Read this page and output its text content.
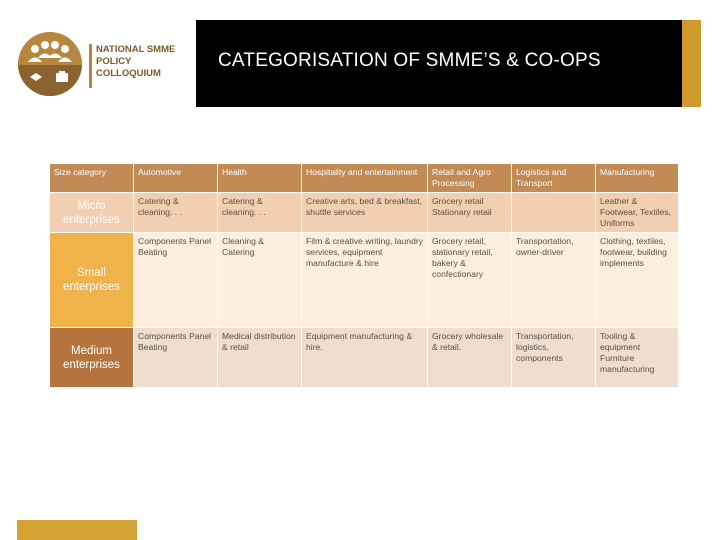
NATIONAL SMME
POLICY
COLLOQUIUM
CATEGORISATION OF SMME’S & CO-OPS
Size category	Automotive	Health	Hospitality and entertainment	Retail and Agro Processing	Logistics and Transport	Manufacturing
Micro enterprises	Catering & cleaning. . .	Catering & cleaning. . .	Creative arts, bed & breakfast, shuttle services	Grocery retail Stationary retail		Leather & Footwear, Textiles, Uniforms
Small enterprises	Components Panel Beating	Cleaning & Catering	Film & creative writing, laundry services, equipment manufacture & hire	Grocery retail, stationary retail, bakery & confectionary	Transportation, owner-driver	Clothing, textiles, footwear, building implements
Medium enterprises	Components Panel Beating	Medical distribution & retail	Equipment manufacturing & hire.	Grocery wholesale & retail.	Transportation, logistics, components	Tooling & equipment Furniture manufacturing
